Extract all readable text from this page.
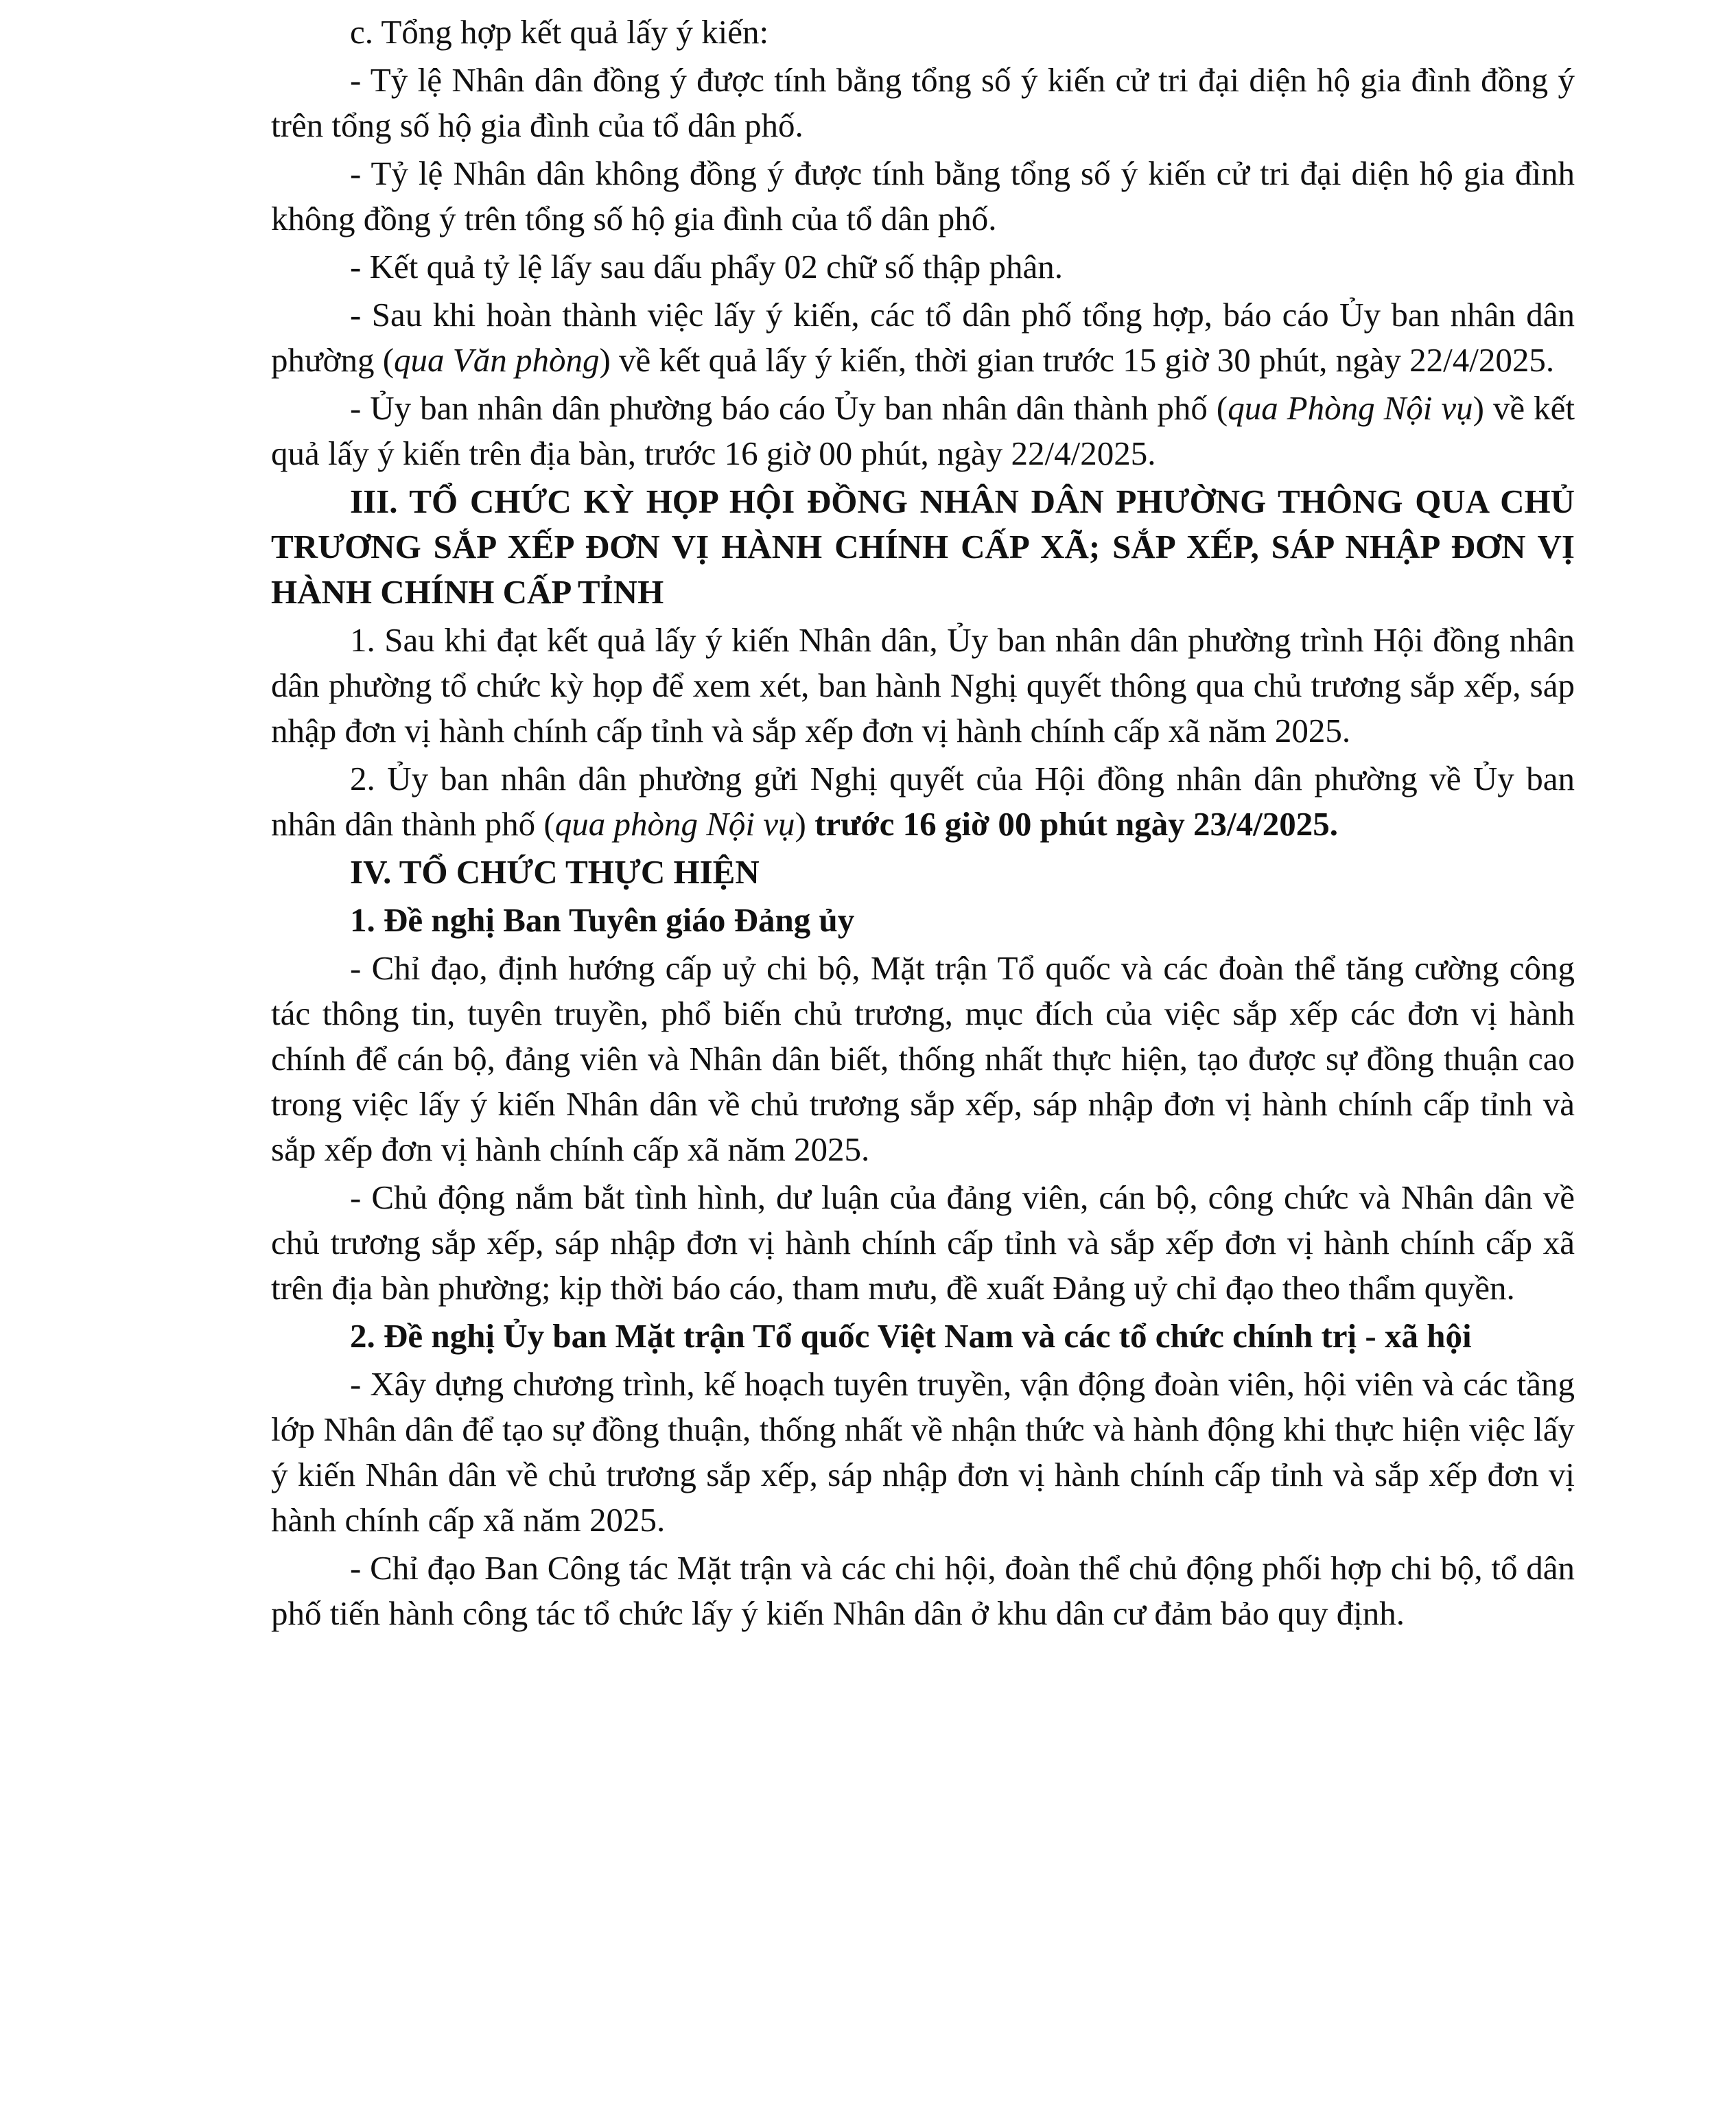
c. Tổng hợp kết quả lấy ý kiến:

- Tỷ lệ Nhân dân đồng ý được tính bằng tổng số ý kiến cử tri đại diện hộ gia đình đồng ý trên tổng số hộ gia đình của tổ dân phố.

- Tỷ lệ Nhân dân không đồng ý được tính bằng tổng số ý kiến cử tri đại diện hộ gia đình không đồng ý trên tổng số hộ gia đình của tổ dân phố.

- Kết quả tỷ lệ lấy sau dấu phẩy 02 chữ số thập phân.

- Sau khi hoàn thành việc lấy ý kiến, các tổ dân phố tổng hợp, báo cáo Ủy ban nhân dân phường (qua Văn phòng) về kết quả lấy ý kiến, thời gian trước 15 giờ 30 phút, ngày 22/4/2025.

- Ủy ban nhân dân phường báo cáo Ủy ban nhân dân thành phố (qua Phòng Nội vụ) về kết quả lấy ý kiến trên địa bàn, trước 16 giờ 00 phút, ngày 22/4/2025.

III. TỔ CHỨC KỲ HỌP HỘI ĐỒNG NHÂN DÂN PHƯỜNG THÔNG QUA CHỦ TRƯƠNG SẮP XẾP ĐƠN VỊ HÀNH CHÍNH CẤP XÃ; SẮP XẾP, SÁP NHẬP ĐƠN VỊ HÀNH CHÍNH CẤP TỈNH

1. Sau khi đạt kết quả lấy ý kiến Nhân dân, Ủy ban nhân dân phường trình Hội đồng nhân dân phường tổ chức kỳ họp để xem xét, ban hành Nghị quyết thông qua chủ trương sắp xếp, sáp nhập đơn vị hành chính cấp tỉnh và sắp xếp đơn vị hành chính cấp xã năm 2025.

2. Ủy ban nhân dân phường gửi Nghị quyết của Hội đồng nhân dân phường về Ủy ban nhân dân thành phố (qua phòng Nội vụ) trước 16 giờ 00 phút ngày 23/4/2025.

IV. TỔ CHỨC THỰC HIỆN

1. Đề nghị Ban Tuyên giáo Đảng ủy

- Chỉ đạo, định hướng cấp uỷ chi bộ, Mặt trận Tổ quốc và các đoàn thể tăng cường công tác thông tin, tuyên truyền, phổ biến chủ trương, mục đích của việc sắp xếp các đơn vị hành chính để cán bộ, đảng viên và Nhân dân biết, thống nhất thực hiện, tạo được sự đồng thuận cao trong việc lấy ý kiến Nhân dân về chủ trương sắp xếp, sáp nhập đơn vị hành chính cấp tỉnh và sắp xếp đơn vị hành chính cấp xã năm 2025.

- Chủ động nắm bắt tình hình, dư luận của đảng viên, cán bộ, công chức và Nhân dân về chủ trương sắp xếp, sáp nhập đơn vị hành chính cấp tỉnh và sắp xếp đơn vị hành chính cấp xã trên địa bàn phường; kịp thời báo cáo, tham mưu, đề xuất Đảng uỷ chỉ đạo theo thẩm quyền.

2. Đề nghị Ủy ban Mặt trận Tổ quốc Việt Nam và các tổ chức chính trị - xã hội

- Xây dựng chương trình, kế hoạch tuyên truyền, vận động đoàn viên, hội viên và các tầng lớp Nhân dân để tạo sự đồng thuận, thống nhất về nhận thức và hành động khi thực hiện việc lấy ý kiến Nhân dân về chủ trương sắp xếp, sáp nhập đơn vị hành chính cấp tỉnh và sắp xếp đơn vị hành chính cấp xã năm 2025.

- Chỉ đạo Ban Công tác Mặt trận và các chi hội, đoàn thể chủ động phối hợp chi bộ, tổ dân phố tiến hành công tác tổ chức lấy ý kiến Nhân dân ở khu dân cư đảm bảo quy định.
